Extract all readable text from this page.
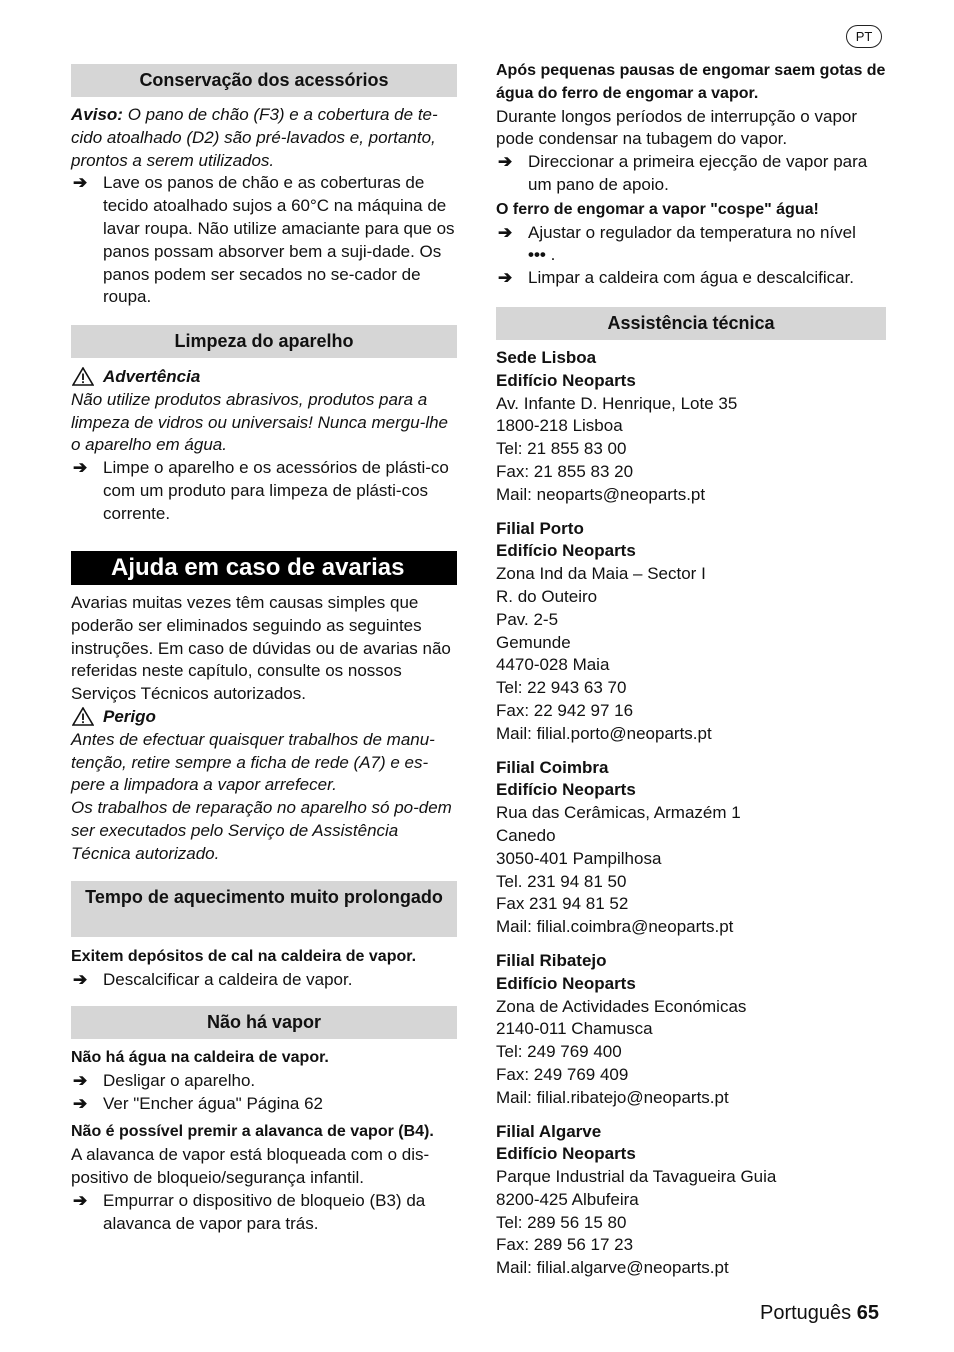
PT
Conservação dos acessórios

Aviso: O pano de chão (F3) e a cobertura de te-cido atoalhado (D2) são pré-lavados e, portanto, prontos a serem utilizados.

➔ Lave os panos de chão e as coberturas de tecido atoalhado sujos a 60°C na máquina de lavar roupa. Não utilize amaciante para que os panos possam absorver bem a suji-dade. Os panos podem ser secados no se-cador de roupa.
Limpeza do aparelho
Advertência

Não utilize produtos abrasivos, produtos para a limpeza de vidros ou universais! Nunca mergu-lhe o aparelho em água.

➔ Limpe o aparelho e os acessórios de plásti-co com um produto para limpeza de plásti-cos corrente.
Ajuda em caso de avarias

Avarias muitas vezes têm causas simples que poderão ser eliminados seguindo as seguintes instruções. Em caso de dúvidas ou de avarias não referidas neste capítulo, consulte os nossos Serviços Técnicos autorizados.

Perigo

Antes de efectuar quaisquer trabalhos de manu-tenção, retire sempre a ficha de rede (A7) e es-pere a limpadora a vapor arrefecer.

Os trabalhos de reparação no aparelho só po-dem ser executados pelo Serviço de Assistência Técnica autorizado.

Tempo de aquecimento muito prolongado

Exitem depósitos de cal na caldeira de vapor.

➔ Descalcificar a caldeira de vapor.
Não há vapor

Não há água na caldeira de vapor.

➔ Desligar o aparelho.
➔ Ver "Encher água" Página 62

Não é possível premir a alavanca de vapor (B4).

A alavanca de vapor está bloqueada com o dis-positivo de bloqueio/segurança infantil.

➔ Empurrar o dispositivo de bloqueio (B3) da alavanca de vapor para trás.

Após pequenas pausas de engomar saem gotas de água do ferro de engomar a vapor.

Durante longos períodos de interrupção o vapor pode condensar na tubagem do vapor.

➔ Direccionar a primeira ejecção de vapor para um pano de apoio.

O ferro de engomar a vapor "cospe" água!

➔ Ajustar o regulador da temperatura no nível
••• .
➔ Limpar a caldeira com água e descalcificar.
Assistência técnica

Sede Lisboa

Edifício Neoparts

Av. Infante D. Henrique, Lote 35

1800-218 Lisboa

Tel: 21 855 83 00

Fax: 21 855 83 20

Mail: neoparts@neoparts.pt

Filial Porto

Edifício Neoparts

Zona Ind da Maia – Sector I

R. do Outeiro

Pav. 2-5

Gemunde

4470-028 Maia

Tel: 22 943 63 70

Fax: 22 942 97 16

Mail: filial.porto@neoparts.pt

Filial Coimbra

Edifício Neoparts

Rua das Cerâmicas, Armazém 1

Canedo

3050-401 Pampilhosa

Tel. 231 94 81 50

Fax 231 94 81 52

Mail: filial.coimbra@neoparts.pt

Filial Ribatejo

Edifício Neoparts

Zona de Actividades Económicas

2140-011 Chamusca

Tel: 249 769 400

Fax: 249 769 409

Mail: filial.ribatejo@neoparts.pt

Filial Algarve

Edifício Neoparts

Parque Industrial da Tavagueira Guia

8200-425 Albufeira

Tel: 289 56 15 80

Fax: 289 56 17 23

Mail: filial.algarve@neoparts.pt

Português 65
